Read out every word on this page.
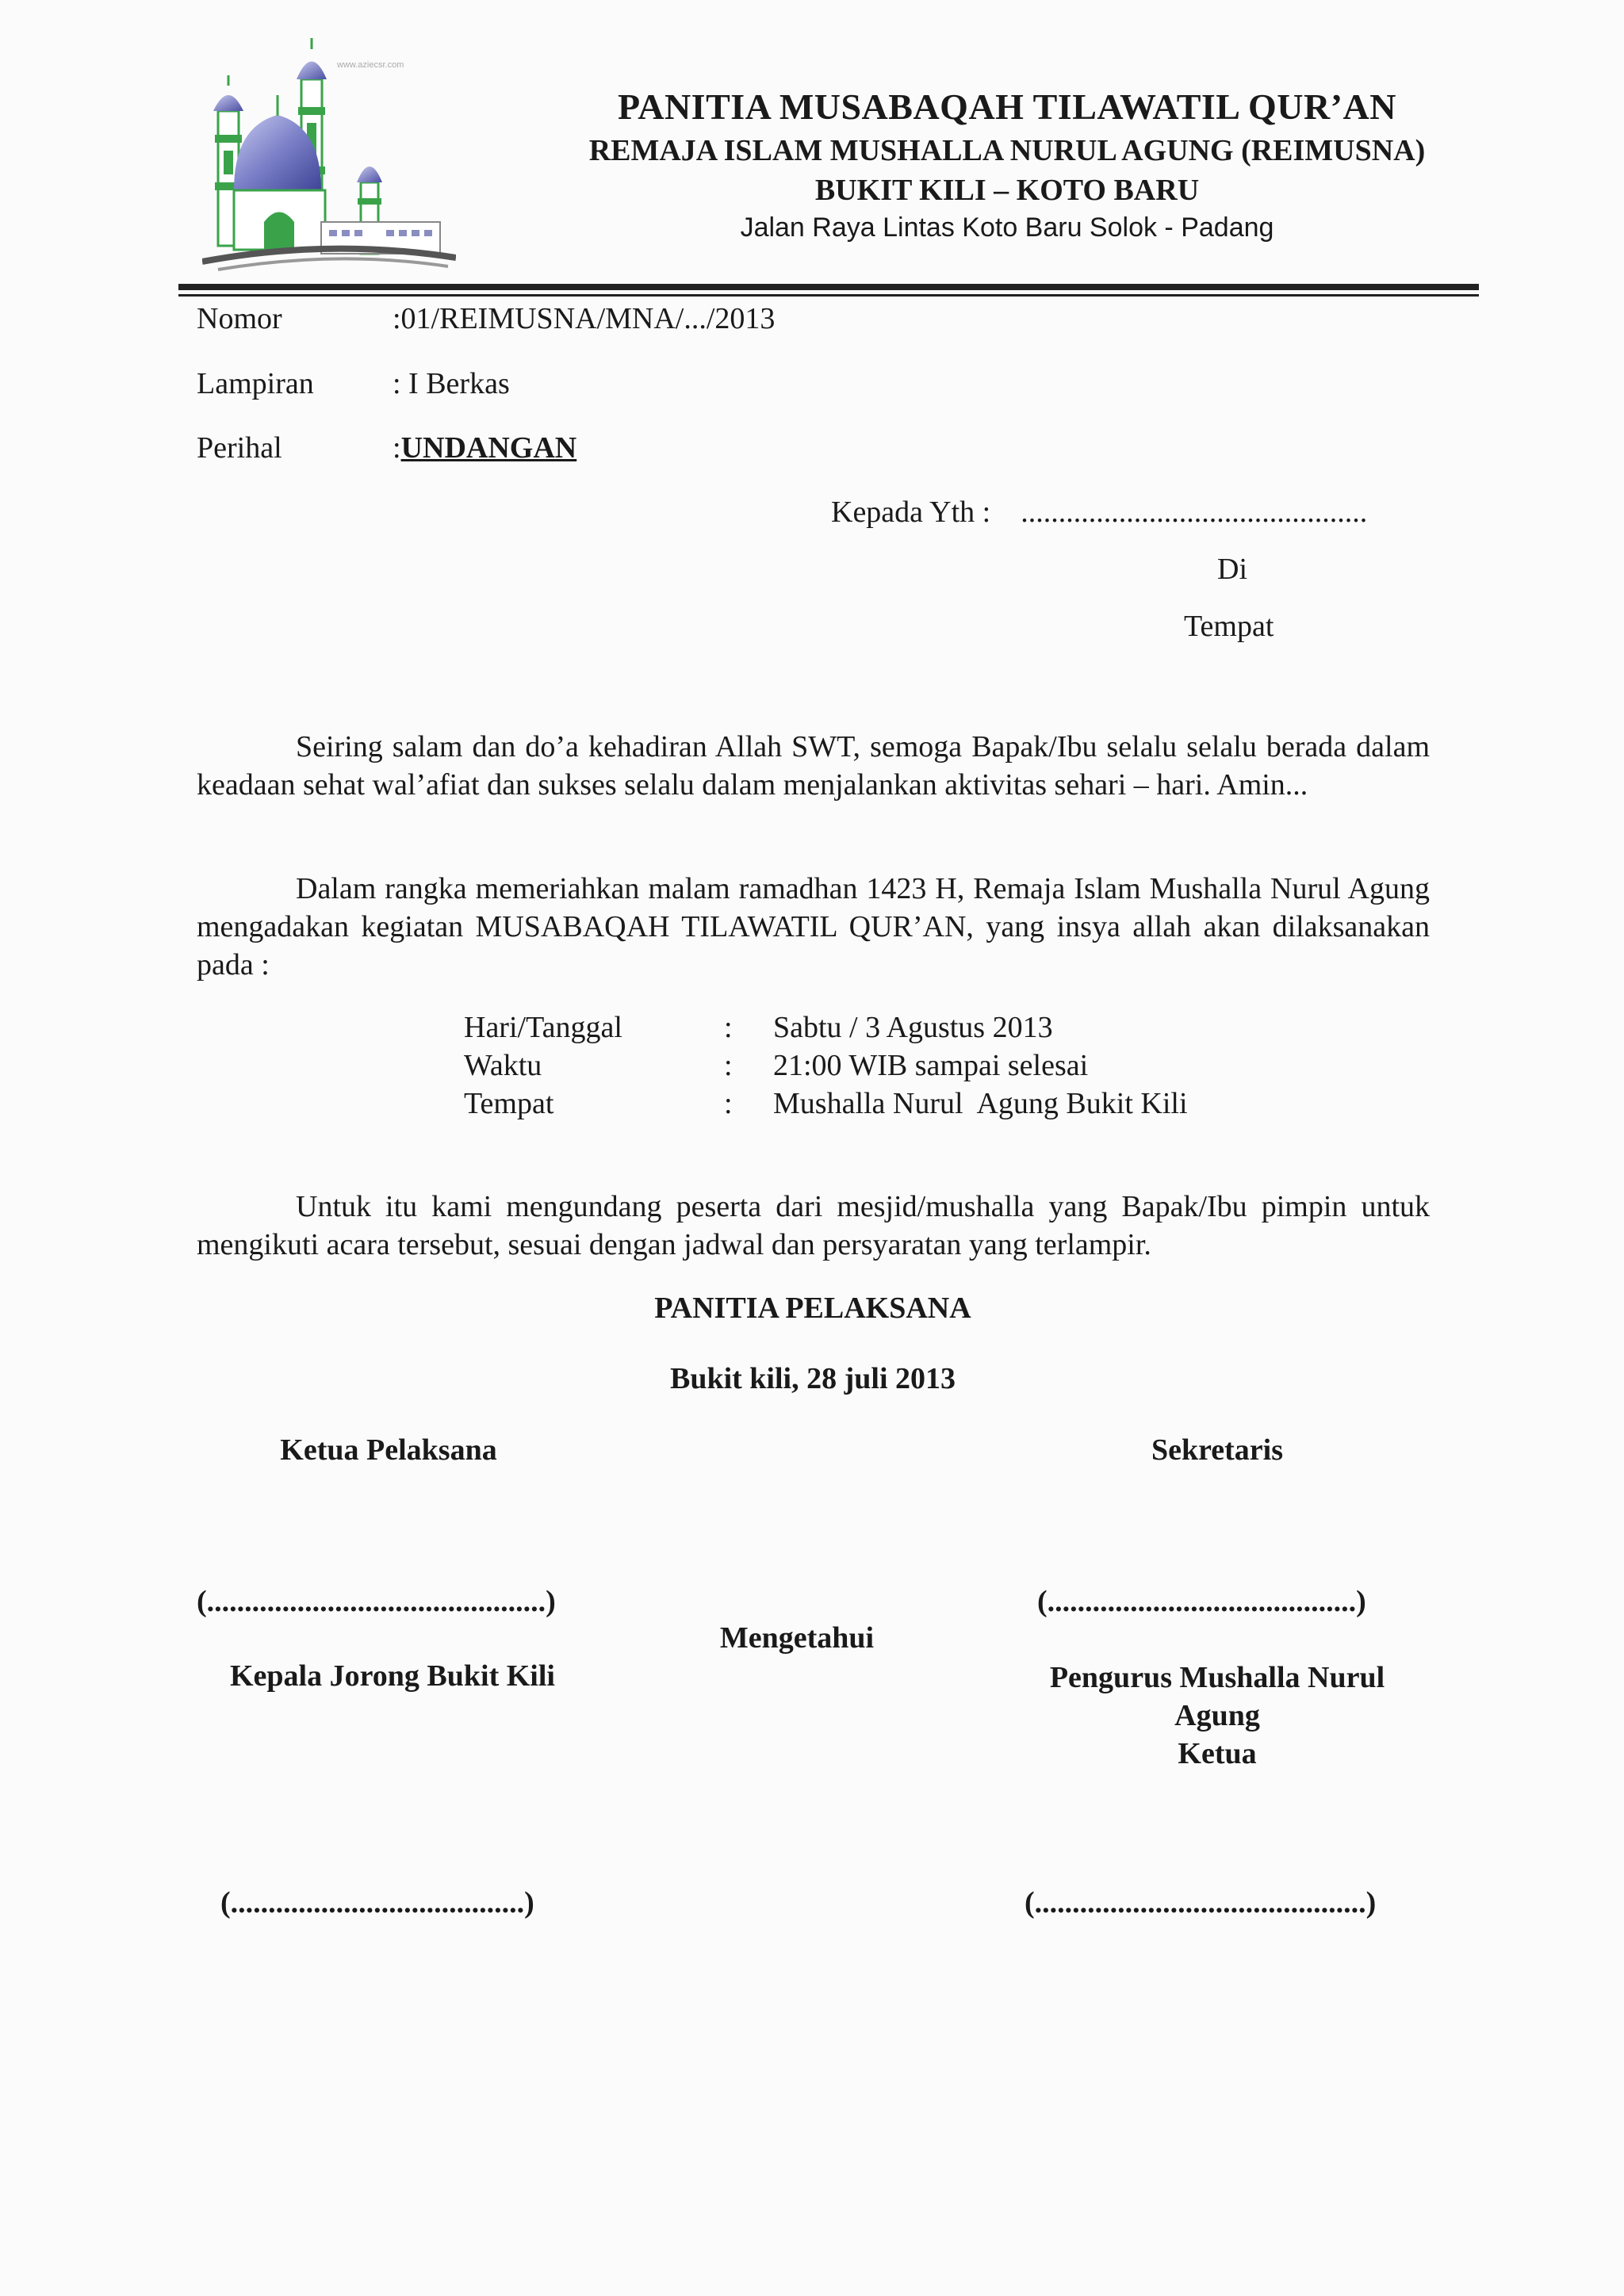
www.aziecsr.com
PANITIA MUSABAQAH TILAWATIL QUR’AN
REMAJA ISLAM MUSHALLA NURUL AGUNG (REIMUSNA)
BUKIT KILI – KOTO BARU
Jalan Raya Lintas Koto Baru Solok - Padang
Nomor	:01/REIMUSNA/MNA/.../2013
Lampiran	: I Berkas
Perihal	:UNDANGAN
Kepada Yth :    ..............................................
Di
Tempat
Seiring salam dan do’a kehadiran Allah SWT, semoga Bapak/Ibu selalu selalu berada dalam keadaan sehat wal’afiat dan sukses selalu dalam menjalankan aktivitas sehari – hari. Amin...
Dalam rangka memeriahkan malam ramadhan 1423 H, Remaja Islam Mushalla Nurul Agung mengadakan kegiatan MUSABAQAH TILAWATIL QUR’AN, yang insya allah akan dilaksanakan pada :
Hari/Tanggal	: Sabtu / 3 Agustus 2013
Waktu	: 21:00 WIB sampai selesai
Tempat	: Mushalla Nurul  Agung Bukit Kili
Untuk itu kami mengundang peserta dari mesjid/mushalla yang Bapak/Ibu pimpin untuk mengikuti acara tersebut, sesuai dengan jadwal dan persyaratan yang terlampir.
PANITIA PELAKSANA
Bukit kili, 28 juli 2013
Ketua Pelaksana	Sekretaris
(.............................................)	(.........................................)
Mengetahui
Kepala Jorong Bukit Kili	Pengurus Mushalla Nurul
Agung
Ketua
(.......................................)	(............................................)
